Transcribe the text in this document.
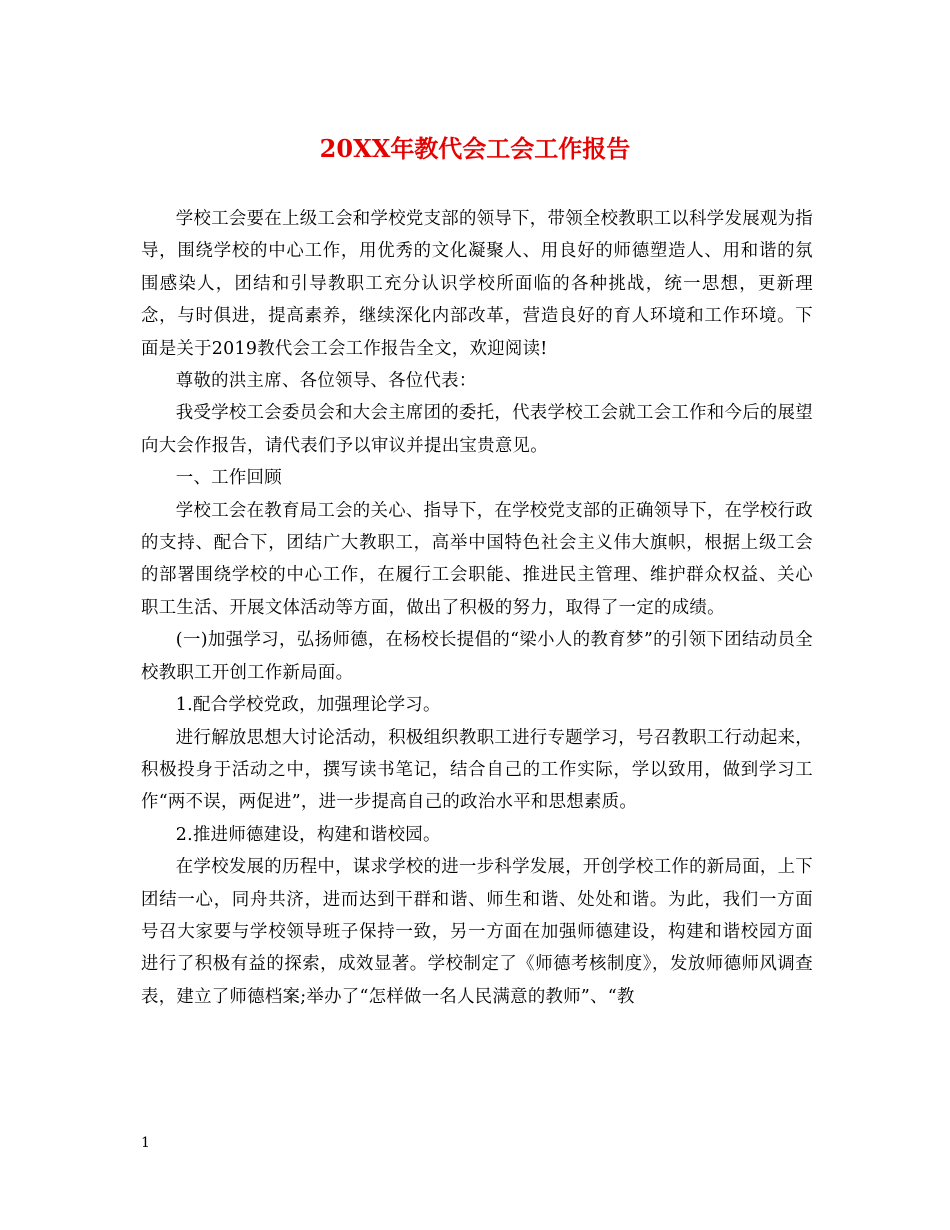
20XX年教代会工会工作报告

学校工会要在上级工会和学校党支部的领导下，带领全校教职工以科学发展观为指导，围绕学校的中心工作，用优秀的文化凝聚人、用良好的师德塑造人、用和谐的氛围感染人，团结和引导教职工充分认识学校所面临的各种挑战，统一思想，更新理念，与时俱进，提高素养，继续深化内部改革，营造良好的育人环境和工作环境。下面是关于2019教代会工会工作报告全文，欢迎阅读!

尊敬的洪主席、各位领导、各位代表：

我受学校工会委员会和大会主席团的委托，代表学校工会就工会工作和今后的展望向大会作报告，请代表们予以审议并提出宝贵意见。

一、工作回顾

学校工会在教育局工会的关心、指导下，在学校党支部的正确领导下，在学校行政的支持、配合下，团结广大教职工，高举中国特色社会主义伟大旗帜，根据上级工会的部署围绕学校的中心工作，在履行工会职能、推进民主管理、维护群众权益、关心职工生活、开展文体活动等方面，做出了积极的努力，取得了一定的成绩。

(一)加强学习，弘扬师德，在杨校长提倡的“梁小人的教育梦”的引领下团结动员全校教职工开创工作新局面。

1.配合学校党政，加强理论学习。

进行解放思想大讨论活动，积极组织教职工进行专题学习，号召教职工行动起来，积极投身于活动之中，撰写读书笔记，结合自己的工作实际，学以致用，做到学习工作“两不误，两促进”，进一步提高自己的政治水平和思想素质。

2.推进师德建设，构建和谐校园。

在学校发展的历程中，谋求学校的进一步科学发展，开创学校工作的新局面，上下团结一心，同舟共济，进而达到干群和谐、师生和谐、处处和谐。为此，我们一方面号召大家要与学校领导班子保持一致，另一方面在加强师德建设，构建和谐校园方面进行了积极有益的探索，成效显著。学校制定了《师德考核制度》，发放师德师风调查表，建立了师德档案;举办了“怎样做一名人民满意的教师”、“教

1
